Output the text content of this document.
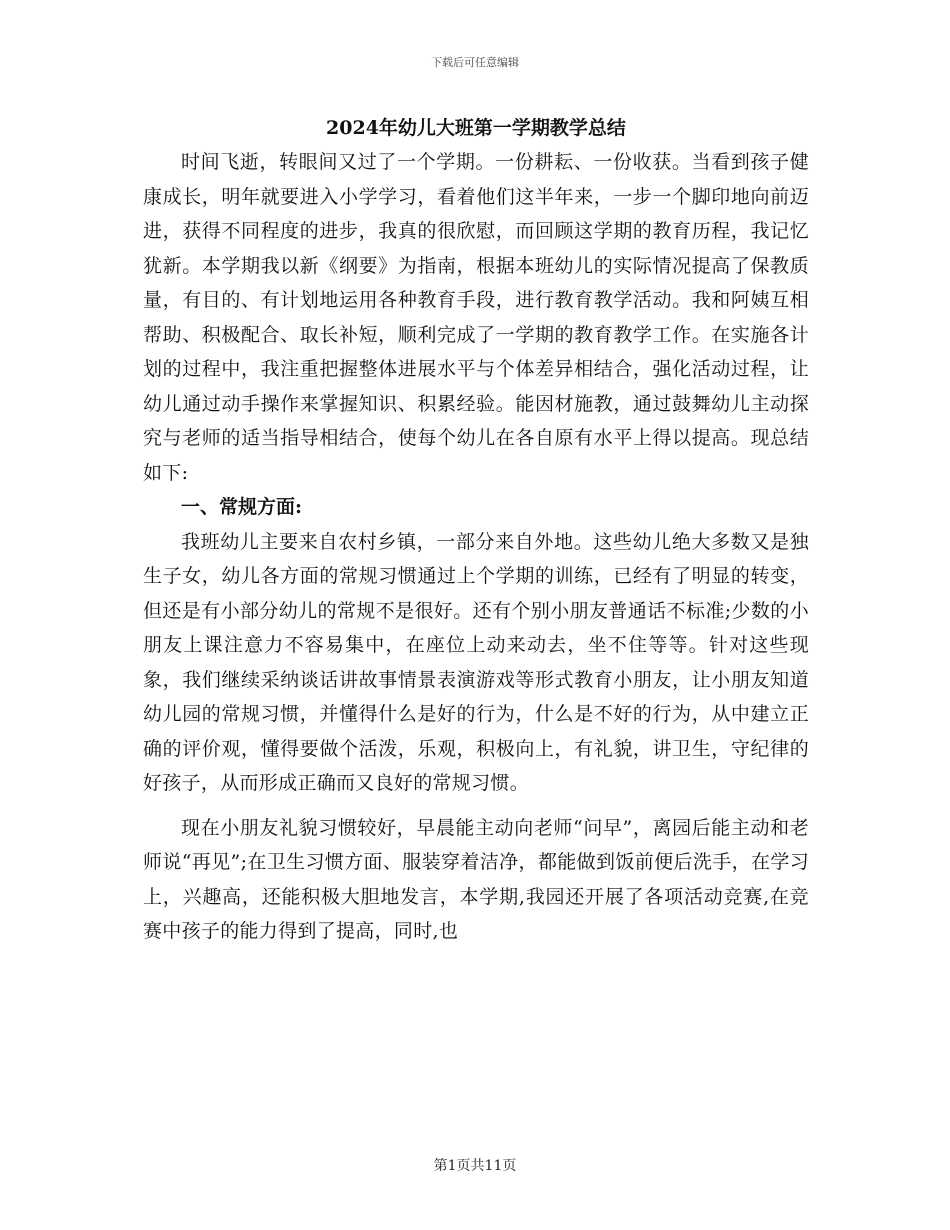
下载后可任意编辑
2024年幼儿大班第一学期教学总结

时间飞逝，转眼间又过了一个学期。一份耕耘、一份收获。当看到孩子健康成长，明年就要进入小学学习，看着他们这半年来，一步一个脚印地向前迈进，获得不同程度的进步，我真的很欣慰，而回顾这学期的教育历程，我记忆犹新。本学期我以新《纲要》为指南，根据本班幼儿的实际情况提高了保教质量，有目的、有计划地运用各种教育手段，进行教育教学活动。我和阿姨互相帮助、积极配合、取长补短，顺利完成了一学期的教育教学工作。在实施各计划的过程中，我注重把握整体进展水平与个体差异相结合，强化活动过程，让幼儿通过动手操作来掌握知识、积累经验。能因材施教，通过鼓舞幼儿主动探究与老师的适当指导相结合，使每个幼儿在各自原有水平上得以提高。现总结如下:

一、常规方面:

我班幼儿主要来自农村乡镇，一部分来自外地。这些幼儿绝大多数又是独生子女，幼儿各方面的常规习惯通过上个学期的训练，已经有了明显的转变，但还是有小部分幼儿的常规不是很好。还有个别小朋友普通话不标准;少数的小朋友上课注意力不容易集中，在座位上动来动去，坐不住等等。针对这些现象，我们继续采纳谈话讲故事情景表演游戏等形式教育小朋友，让小朋友知道幼儿园的常规习惯，并懂得什么是好的行为，什么是不好的行为，从中建立正确的评价观，懂得要做个活泼，乐观，积极向上，有礼貌，讲卫生，守纪律的好孩子，从而形成正确而又良好的常规习惯。

现在小朋友礼貌习惯较好，早晨能主动向老师“问早”，离园后能主动和老师说“再见”;在卫生习惯方面、服装穿着洁净，都能做到饭前便后洗手，在学习上，兴趣高，还能积极大胆地发言，本学期,我园还开展了各项活动竞赛,在竞赛中孩子的能力得到了提高，同时,也

第1页共11页
